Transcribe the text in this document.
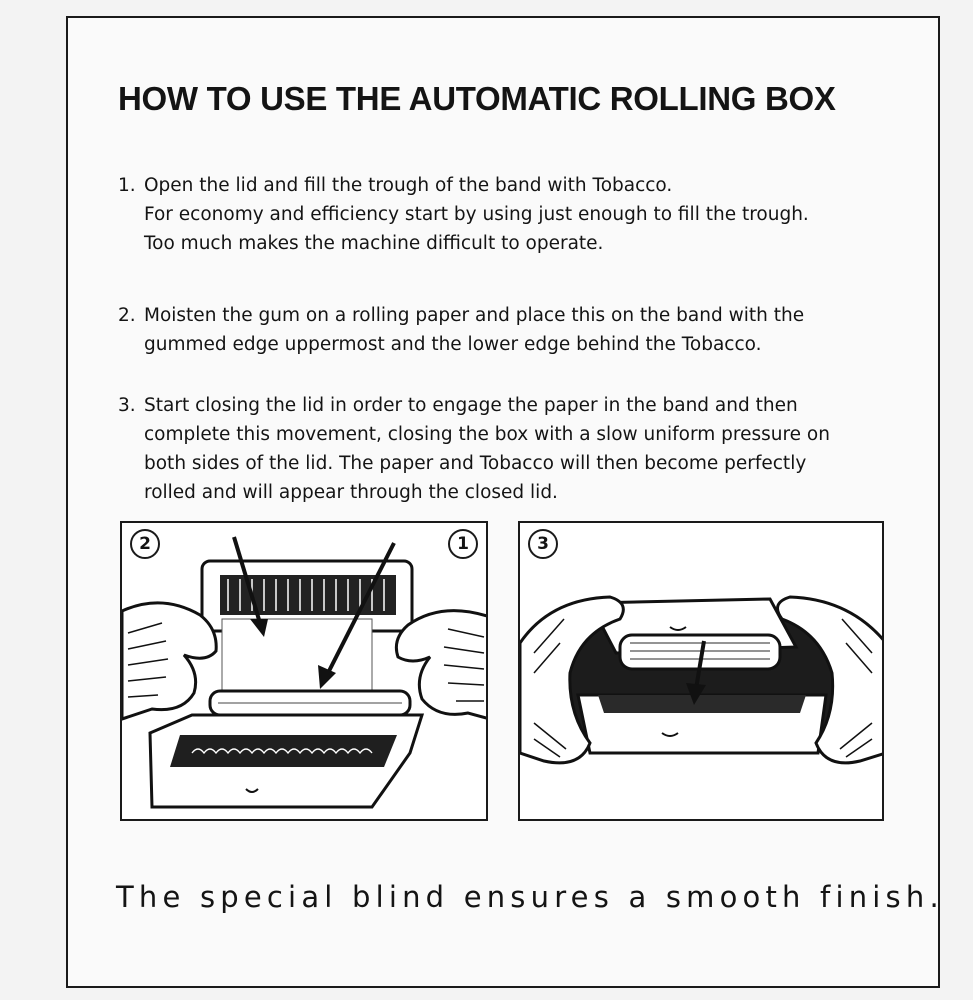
HOW TO USE THE AUTOMATIC ROLLING BOX
1. Open the lid and fill the trough of the band with Tobacco.
For economy and efficiency start by using just enough to fill the trough.
Too much makes the machine difficult to operate.
2. Moisten the gum on a rolling paper and place this on the band with the
gummed edge uppermost and the lower edge behind the Tobacco.
3. Start closing the lid in order to engage the paper in the band and then
complete this movement, closing the box with a slow uniform pressure on
both sides of the lid. The paper and Tobacco will then become perfectly
rolled and will appear through the closed lid.
2	1	3
The special blind ensures a smooth finish.
